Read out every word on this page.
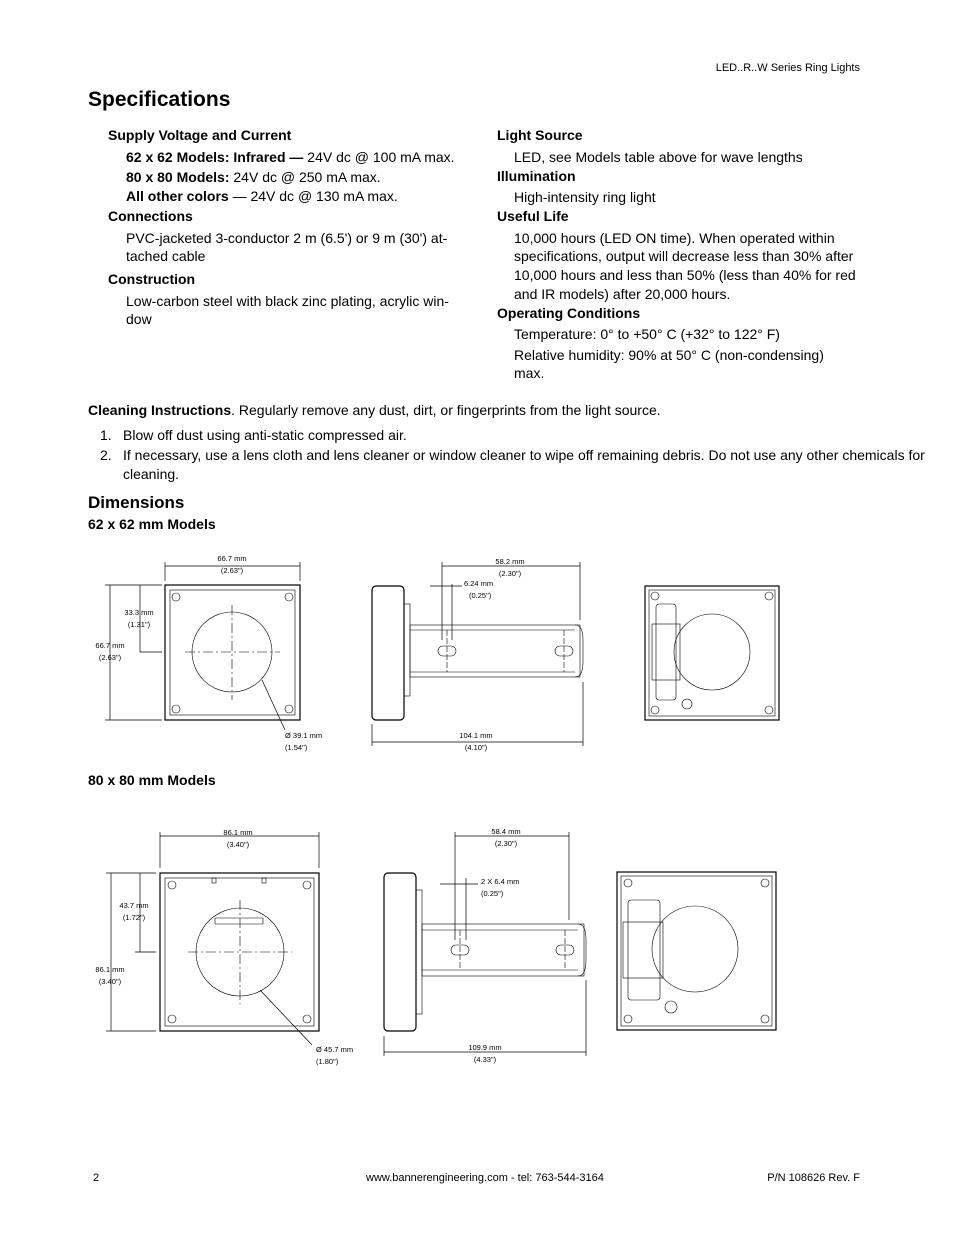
LED..R..W Series Ring Lights
Specifications
Supply Voltage and Current
62 x 62 Models: Infrared — 24V dc @ 100 mA max.
80 x 80 Models: 24V dc @ 250 mA max.
All other colors — 24V dc @ 130 mA max.
Connections
PVC-jacketed 3-conductor 2 m (6.5') or 9 m (30') at-
tached cable
Construction
Low-carbon steel with black zinc plating, acrylic win-
dow
Light Source
LED, see Models table above for wave lengths
Illumination
High-intensity ring light
Useful Life
10,000 hours (LED ON time). When operated within
specifications, output will decrease less than 30% after
10,000 hours and less than 50% (less than 40% for red
and IR models) after 20,000 hours.
Operating Conditions
Temperature: 0° to +50° C (+32° to 122° F)
Relative humidity: 90% at 50° C (non-condensing)
max.
Cleaning Instructions. Regularly remove any dust, dirt, or fingerprints from the light source.
1. Blow off dust using anti-static compressed air.
2. If necessary, use a lens cloth and lens cleaner or window cleaner to wipe off remaining debris. Do not use any other chemicals for
cleaning.
Dimensions
62 x 62 mm Models
80 x 80 mm Models
66.7 mm
(2.63")
33.3 mm
(1.31")
66.7 mm
(2.63")
Ø 39.1 mm
(1.54")
58.2 mm
(2.30")
6.24 mm
(0.25")
104.1 mm
(4.10")
86.1 mm
(3.40")
43.7 mm
(1.72")
86.1 mm
(3.40")
Ø 45.7 mm
(1.80")
58.4 mm
(2.30")
2 X 6.4 mm
(0.25")
109.9 mm
(4.33")
2	www.bannerengineering.com - tel: 763-544-3164	P/N 108626 Rev. F
